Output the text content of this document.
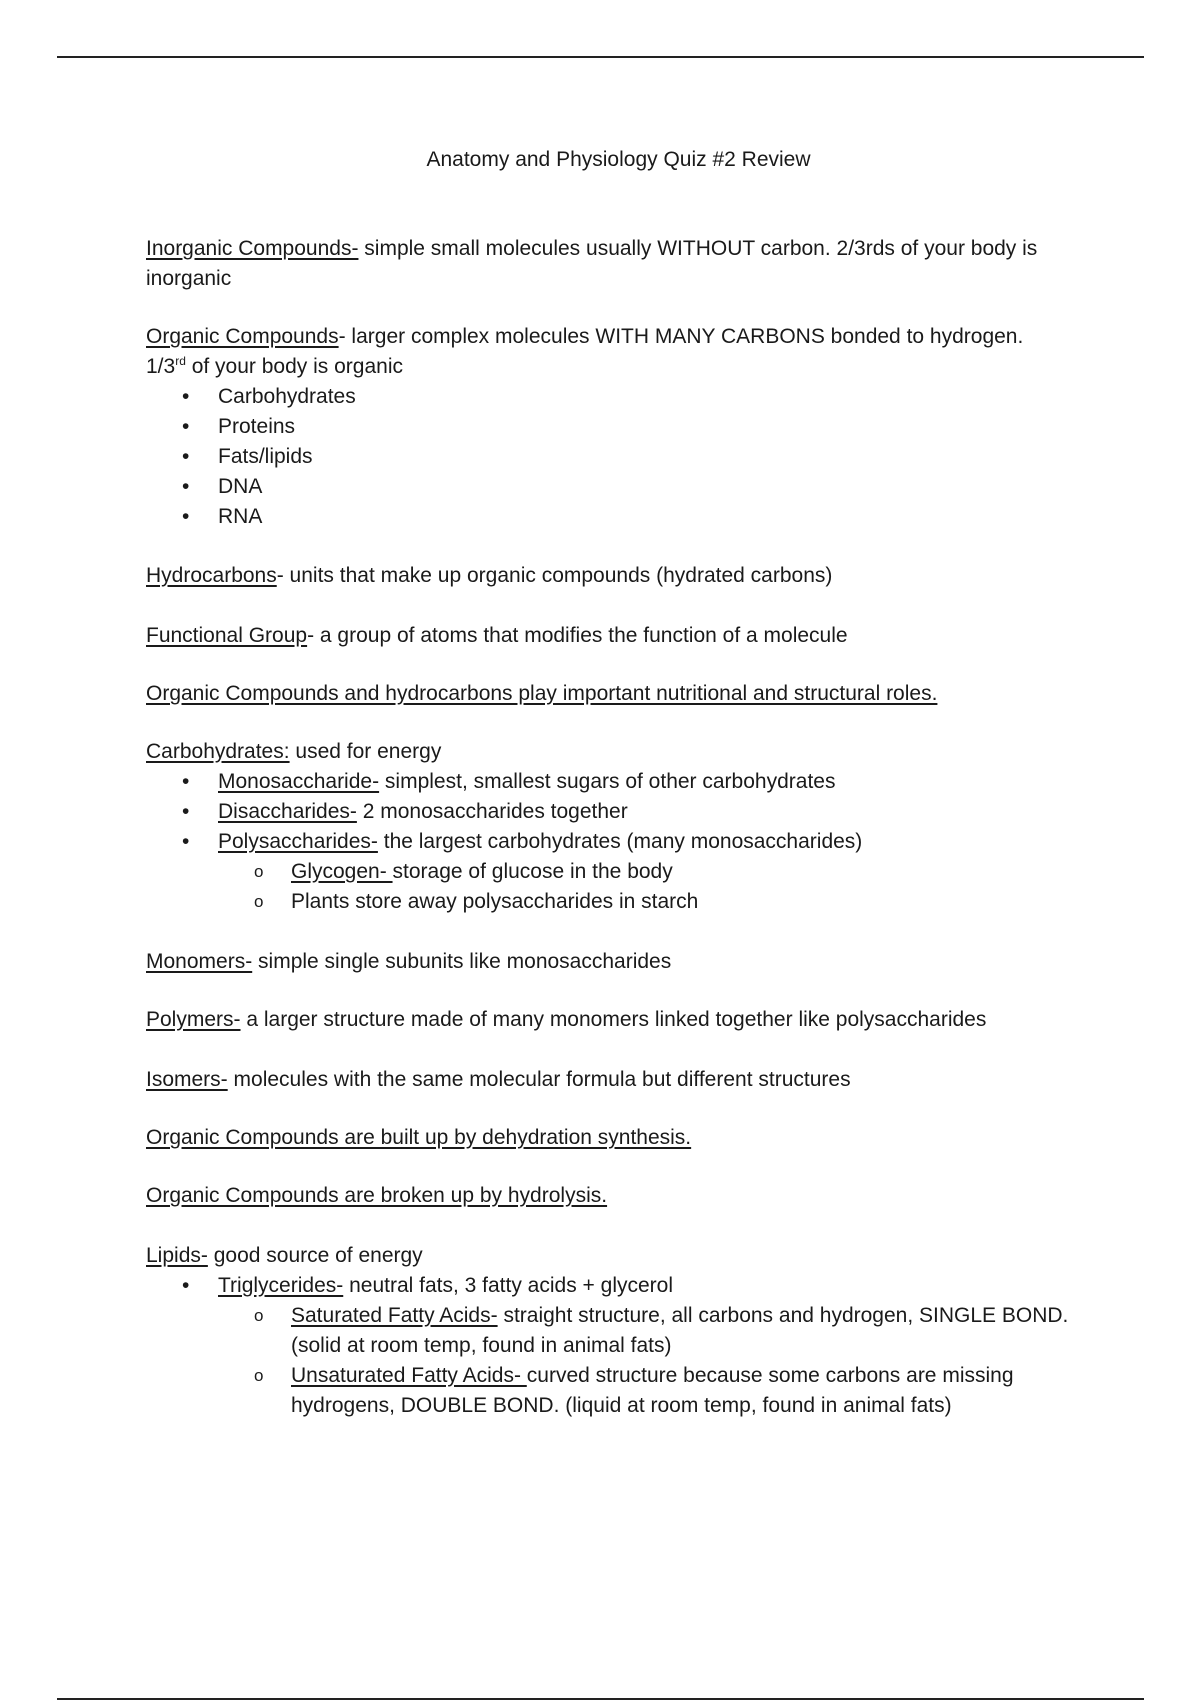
Anatomy and Physiology Quiz #2 Review
Inorganic Compounds- simple small molecules usually WITHOUT carbon. 2/3rds of your body is inorganic

Organic Compounds- larger complex molecules WITH MANY CARBONS bonded to hydrogen.

1/3rd of your body is organic

•	Carbohydrates
•	Proteins
•	Fats/lipids
•	DNA
•	RNA
Hydrocarbons- units that make up organic compounds (hydrated carbons)
Functional Group- a group of atoms that modifies the function of a molecule
Organic Compounds and hydrocarbons play important nutritional and structural roles.

Carbohydrates: used for energy

•	Monosaccharide- simplest, smallest sugars of other carbohydrates
•	Disaccharides- 2 monosaccharides together
•	Polysaccharides- the largest carbohydrates (many monosaccharides)
o	Glycogen- storage of glucose in the body
o	Plants store away polysaccharides in starch
Monomers- simple single subunits like monosaccharides
Polymers- a larger structure made of many monomers linked together like polysaccharides
Isomers- molecules with the same molecular formula but different structures
Organic Compounds are built up by dehydration synthesis.
Organic Compounds are broken up by hydrolysis.

Lipids- good source of energy

•	Triglycerides- neutral fats, 3 fatty acids + glycerol
o	Saturated Fatty Acids- straight structure, all carbons and hydrogen, SINGLE BOND. (solid at room temp, found in animal fats)
o	Unsaturated Fatty Acids- curved structure because some carbons are missing hydrogens, DOUBLE BOND. (liquid at room temp, found in animal fats)
